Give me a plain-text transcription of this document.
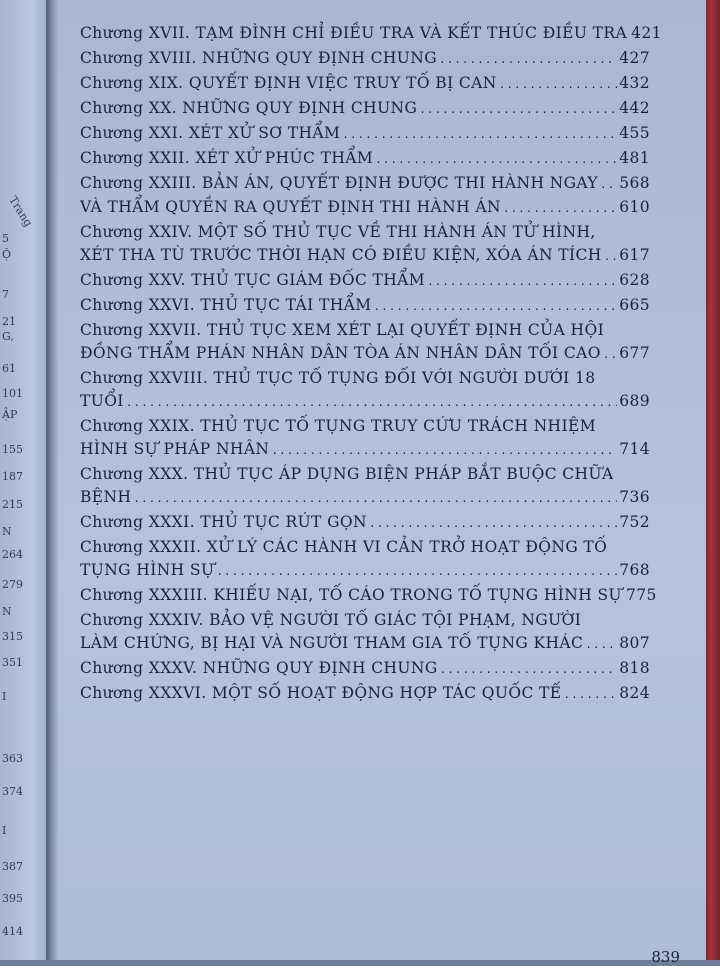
Trang
5
Ộ
7
21
G,
61
101
ẬP
155
187
215
N
264
279
N
315
351
I
363
374
I
387
395
414
Chương XVII. TẠM ĐÌNH CHỈ ĐIỀU TRA VÀ KẾT THÚC ĐIỀU TRA 421
Chương XVIII. NHỮNG QUY ĐỊNH CHUNG .....	427
Chương XIX. QUYẾT ĐỊNH VIỆC TRUY TỐ BỊ CAN .....	432
Chương XX. NHỮNG QUY ĐỊNH CHUNG .....	442
Chương XXI. XÉT XỬ SƠ THẨM .....	455
Chương XXII. XÉT XỬ PHÚC THẨM .....	481
Chương XXIII. BẢN ÁN, QUYẾT ĐỊNH ĐƯỢC THI HÀNH NGAY ..... 568
VÀ THẨM QUYỀN RA QUYẾT ĐỊNH THI HÀNH ÁN .....	610
Chương XXIV. MỘT SỐ THỦ TỤC VỀ THI HÀNH ÁN TỬ HÌNH,
XÉT THA TÙ TRƯỚC THỜI HẠN CÓ ĐIỀU KIỆN, XÓA ÁN TÍCH ..... 617
Chương XXV. THỦ TỤC GIÁM ĐỐC THẨM .....	628
Chương XXVI. THỦ TỤC TÁI THẨM .....	665
Chương XXVII. THỦ TỤC XEM XÉT LẠI QUYẾT ĐỊNH CỦA HỘI
ĐỒNG THẨM PHÁN NHÂN DÂN TÒA ÁN NHÂN DÂN TỐI CAO ..... 677
Chương XXVIII. THỦ TỤC TỐ TỤNG ĐỐI VỚI NGƯỜI DƯỚI 18
TUỔI .....	689
Chương XXIX. THỦ TỤC TỐ TỤNG TRUY CỨU TRÁCH NHIỆM
HÌNH SỰ PHÁP NHÂN .....	714
Chương XXX. THỦ TỤC ÁP DỤNG BIỆN PHÁP BẮT BUỘC CHỮA
BỆNH .....	736
Chương XXXI. THỦ TỤC RÚT GỌN .....	752
Chương XXXII. XỬ LÝ CÁC HÀNH VI CẢN TRỞ HOẠT ĐỘNG TỐ
TỤNG HÌNH SỰ .....	768
Chương XXXIII. KHIẾU NẠI, TỐ CÁO TRONG TỐ TỤNG HÌNH SỰ 775
Chương XXXIV. BẢO VỆ NGƯỜI TỐ GIÁC TỘI PHẠM, NGƯỜI
LÀM CHỨNG, BỊ HẠI VÀ NGƯỜI THAM GIA TỐ TỤNG KHÁC ..... 807
Chương XXXV. NHỮNG QUY ĐỊNH CHUNG .....	818
Chương XXXVI. MỘT SỐ HOẠT ĐỘNG HỢP TÁC QUỐC TẾ .....	824
839
